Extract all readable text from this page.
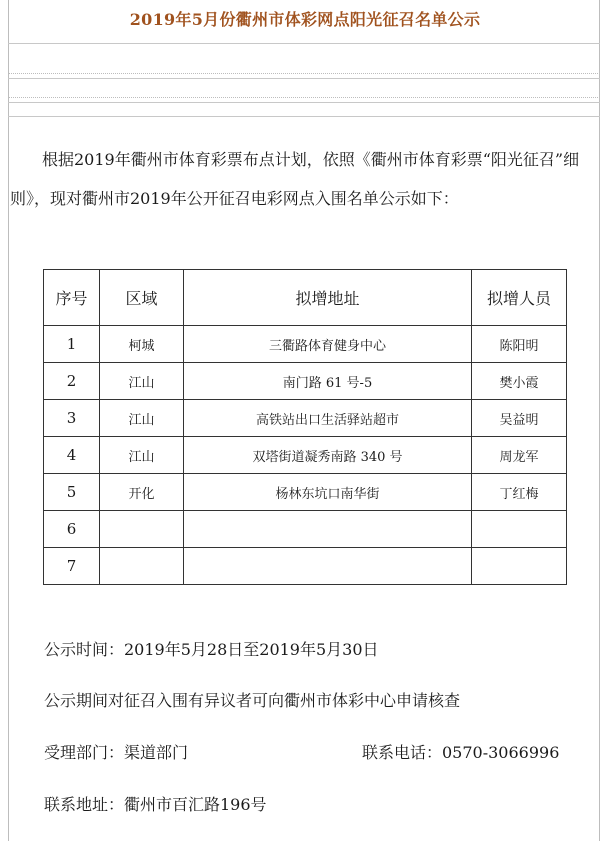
2019年5月份衢州市体彩网点阳光征召名单公示
根据2019年衢州市体育彩票布点计划，依照《衢州市体育彩票“阳光征召”细则》，现对衢州市2019年公开征召电彩网点入围名单公示如下：
序号	区域	拟增地址	拟增人员
1	柯城	三衢路体育健身中心	陈阳明
2	江山	南门路 61 号-5	樊小霞
3	江山	高铁站出口生活驿站超市	吴益明
4	江山	双塔街道凝秀南路 340 号	周龙军
5	开化	杨林东坑口南华街	丁红梅
6			
7			
公示时间：2019年5月28日至2019年5月30日
公示期间对征召入围有异议者可向衢州市体彩中心申请核查
受理部门：渠道部门	联系电话：0570-3066996
联系地址：衢州市百汇路196号
